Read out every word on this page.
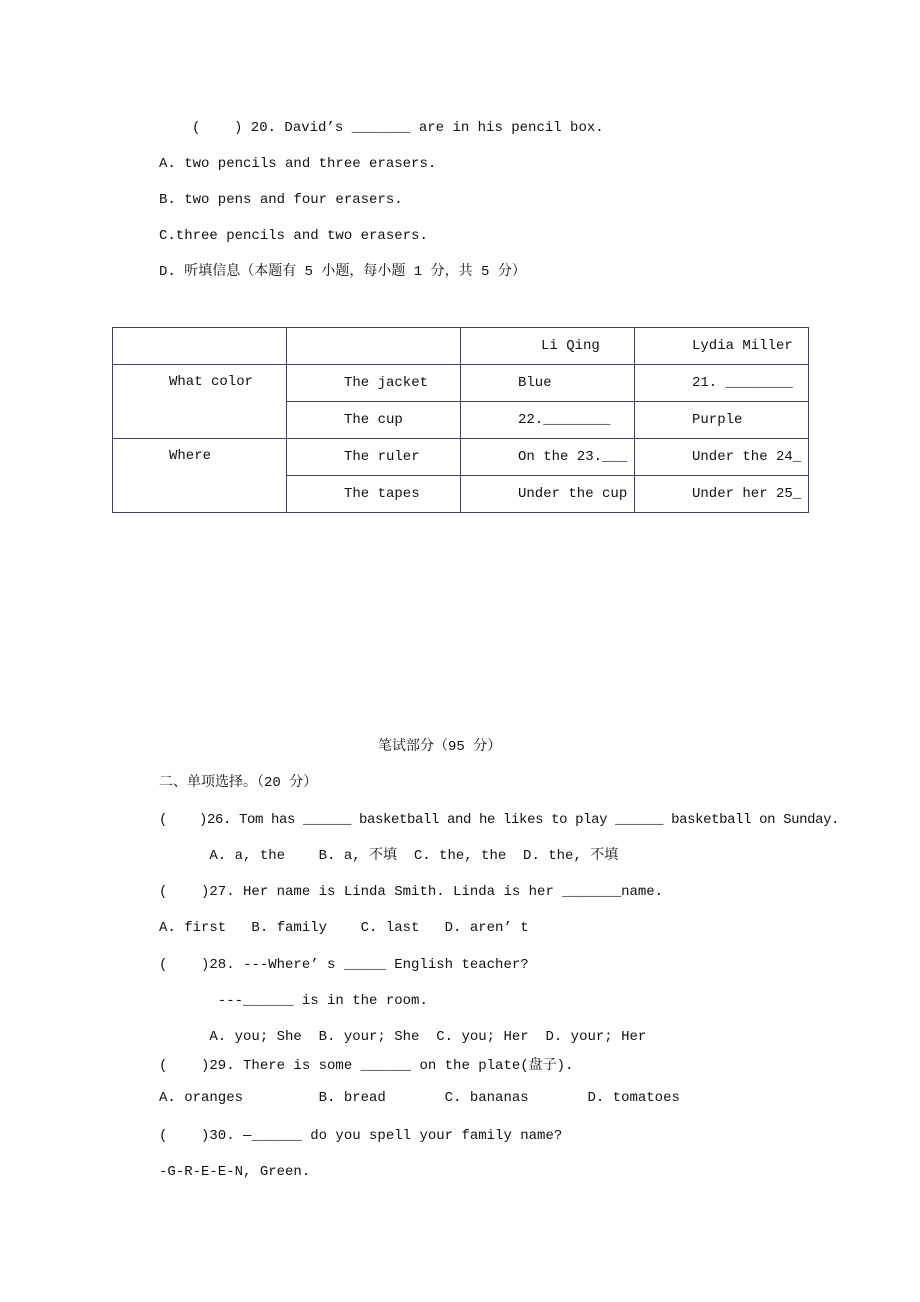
(    ) 20. David’s _______ are in his pencil box.
A. two pencils and three erasers.
B. two pens and four erasers.
C.three pencils and two erasers.
D. 听填信息（本题有 5 小题，每小题 1 分，共 5 分）
		Li Qing	Lydia Miller
What color	The jacket	Blue	21. ________
	The cup	22.________	Purple
Where	The ruler	On the 23.___	Under the 24_
	The tapes	Under the cup	Under her 25_
笔试部分（95 分）
二、单项选择。（20 分）
(    )26. Tom has ______ basketball and he likes to play ______ basketball on Sunday.
A. a, the    B. a, 不填  C. the, the  D. the, 不填
(    )27. Her name is Linda Smith. Linda is her _______name.
A. first   B. family    C. last   D. aren’ t
(    )28. ---Where’ s _____ English teacher?
---______ is in the room.
A. you; She  B. your; She  C. you; Her  D. your; Her
(    )29. There is some ______ on the plate(盘子).
A. oranges         B. bread       C. bananas       D. tomatoes
(    )30. —______ do you spell your family name?
-G-R-E-E-N, Green.
